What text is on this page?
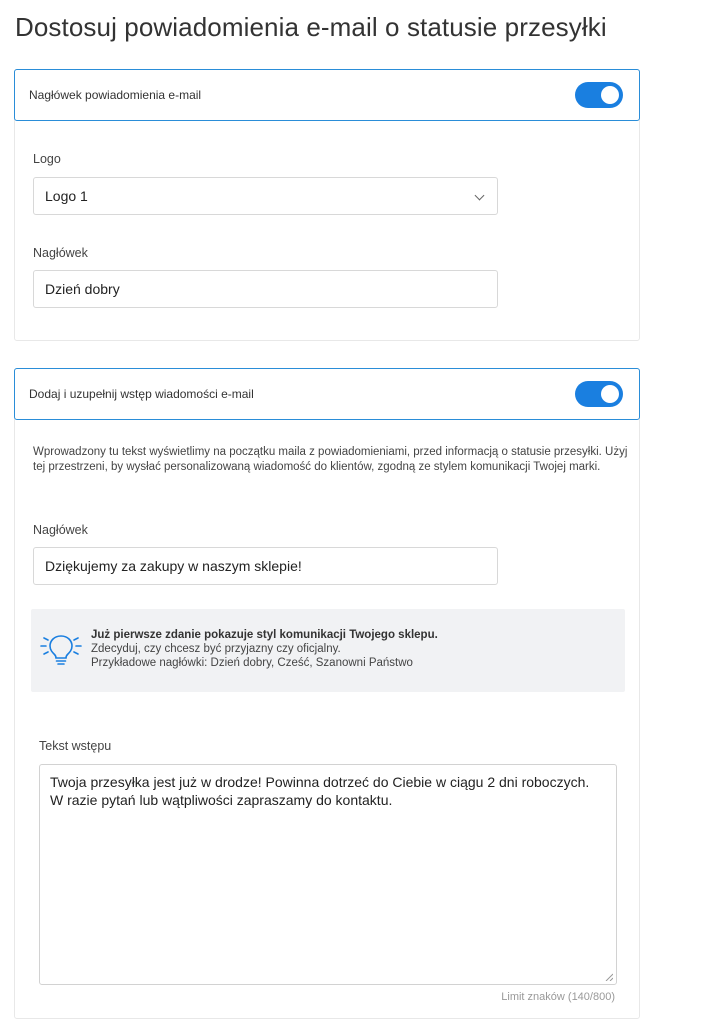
Dostosuj powiadomienia e-mail o statusie przesyłki
Nagłówek powiadomienia e-mail
Logo
Logo 1
Nagłówek
Dzień dobry
Dodaj i uzupełnij wstęp wiadomości e-mail

Wprowadzony tu tekst wyświetlimy na początku maila z powiadomieniami, przed informacją o statusie przesyłki. Użyj tej przestrzeni, by wysłać personalizowaną wiadomość do klientów, zgodną ze stylem komunikacji Twojej marki.

Nagłówek
Dziękujemy za zakupy w naszym sklepie!
Już pierwsze zdanie pokazuje styl komunikacji Twojego sklepu.
Zdecyduj, czy chcesz być przyjazny czy oficjalny.
Przykładowe nagłówki: Dzień dobry, Cześć, Szanowni Państwo
Tekst wstępu
Twoja przesyłka jest już w drodze! Powinna dotrzeć do Ciebie w ciągu 2 dni roboczych. W razie pytań lub wątpliwości zapraszamy do kontaktu.
Limit znaków (140/800)
